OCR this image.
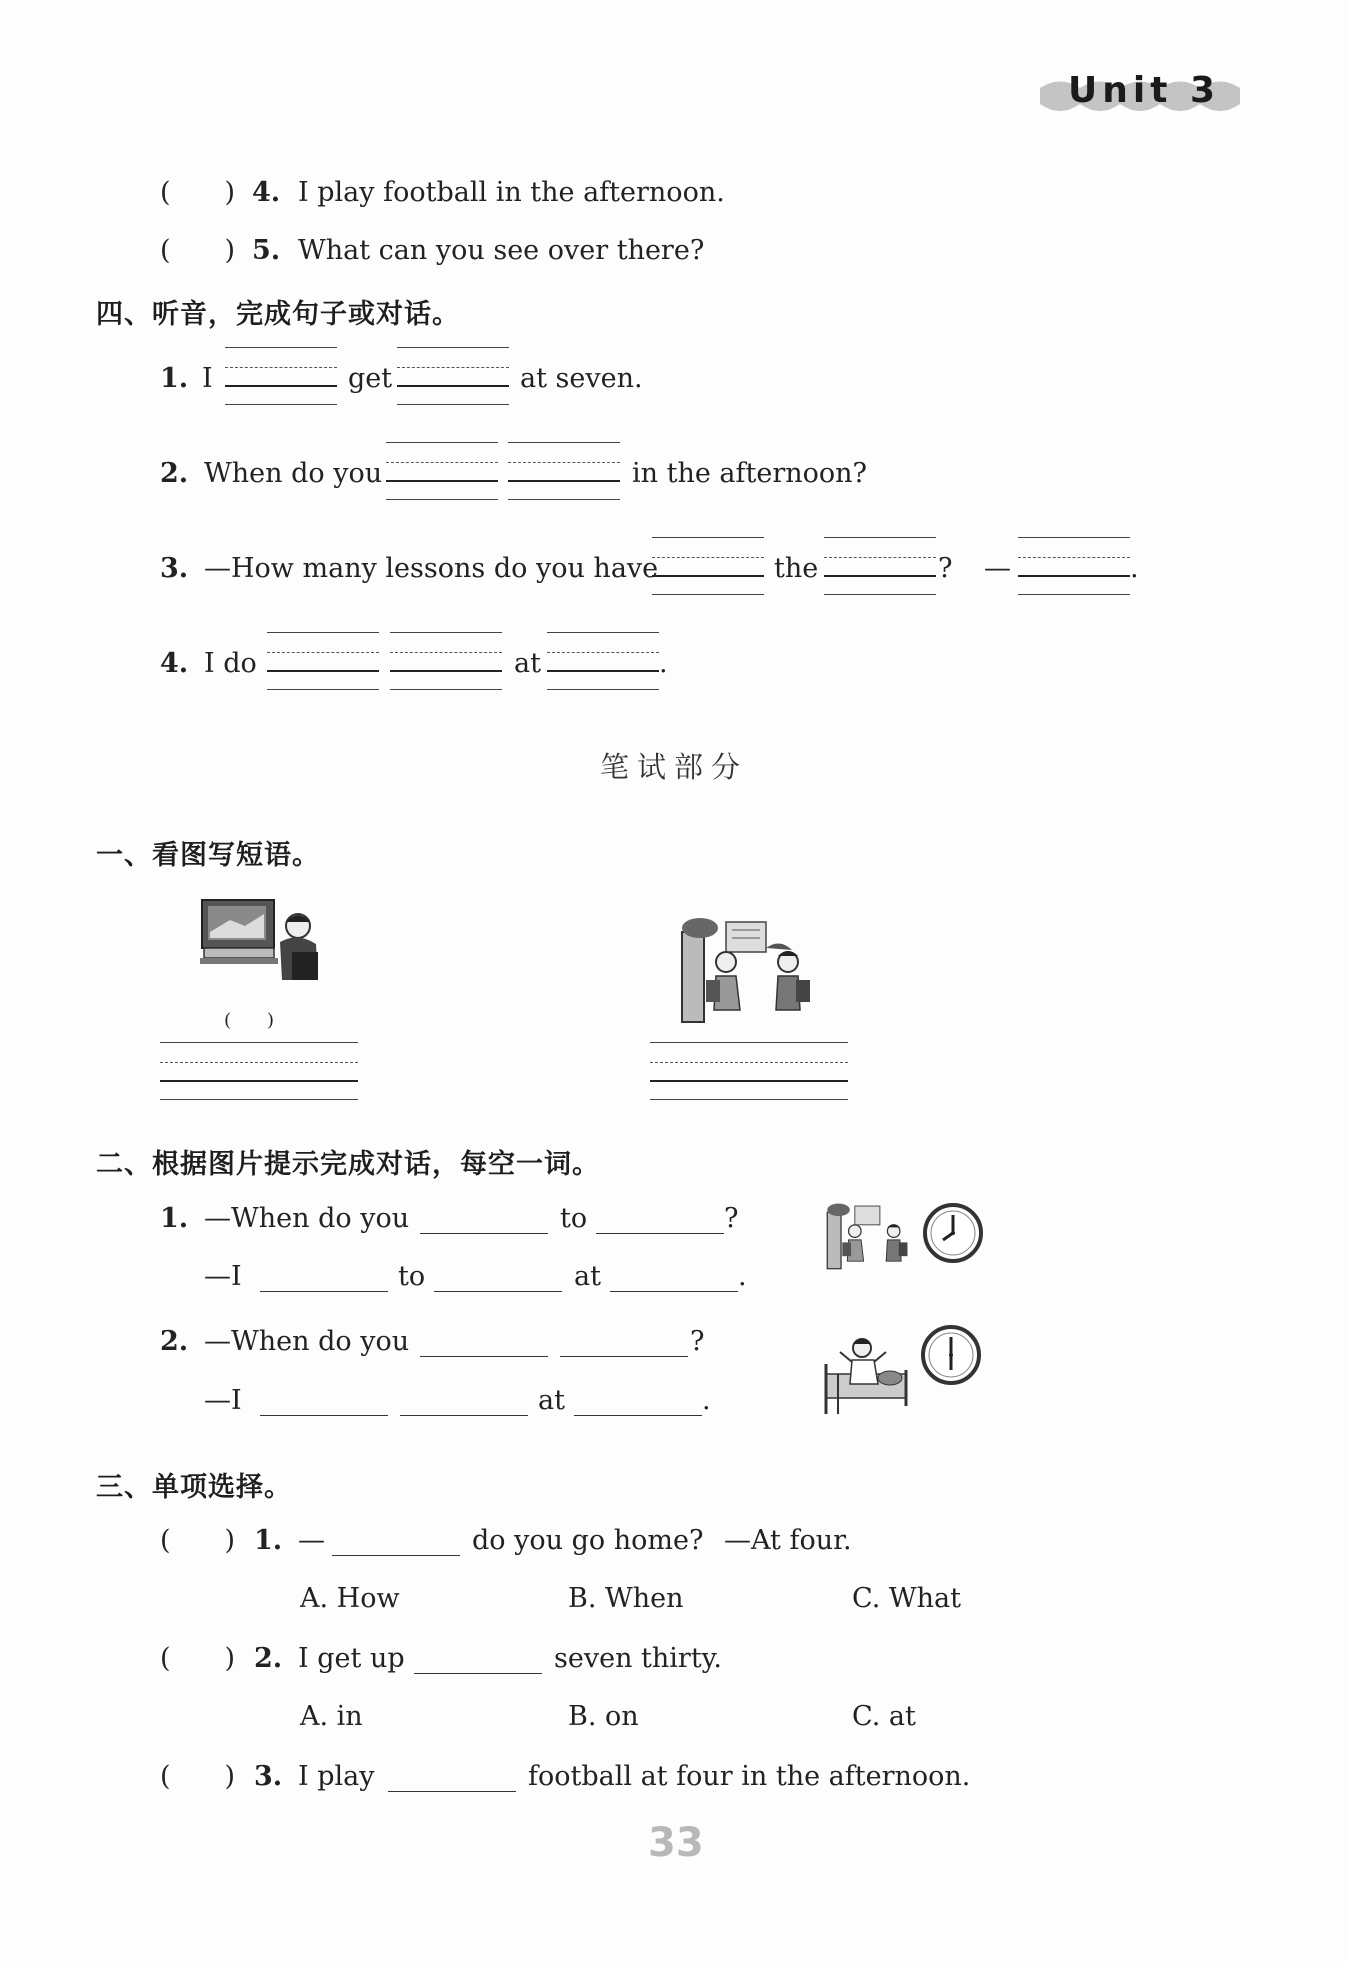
Unit 3
(　　) 4. I play football in the afternoon.
(　　) 5. What can you see over there?
四、听音，完成句子或对话。
1. I	get	at seven.
2. When do you	in the afternoon?
3. —How many lessons do you have	the	? —	.
4. I do	at	.
笔试部分
一、看图写短语。
(　　)
二、根据图片提示完成对话，每空一词。
1. —When do you	to	?
—I	to	at	.
2. —When do you	?
—I	at	.
三、单项选择。
(　　) 1. —	do you go home? —At four.
A. How	B. When	C. What
(　　) 2. I get up	seven thirty.
A. in	B. on	C. at
(　　) 3. I play	football at four in the afternoon.
33
